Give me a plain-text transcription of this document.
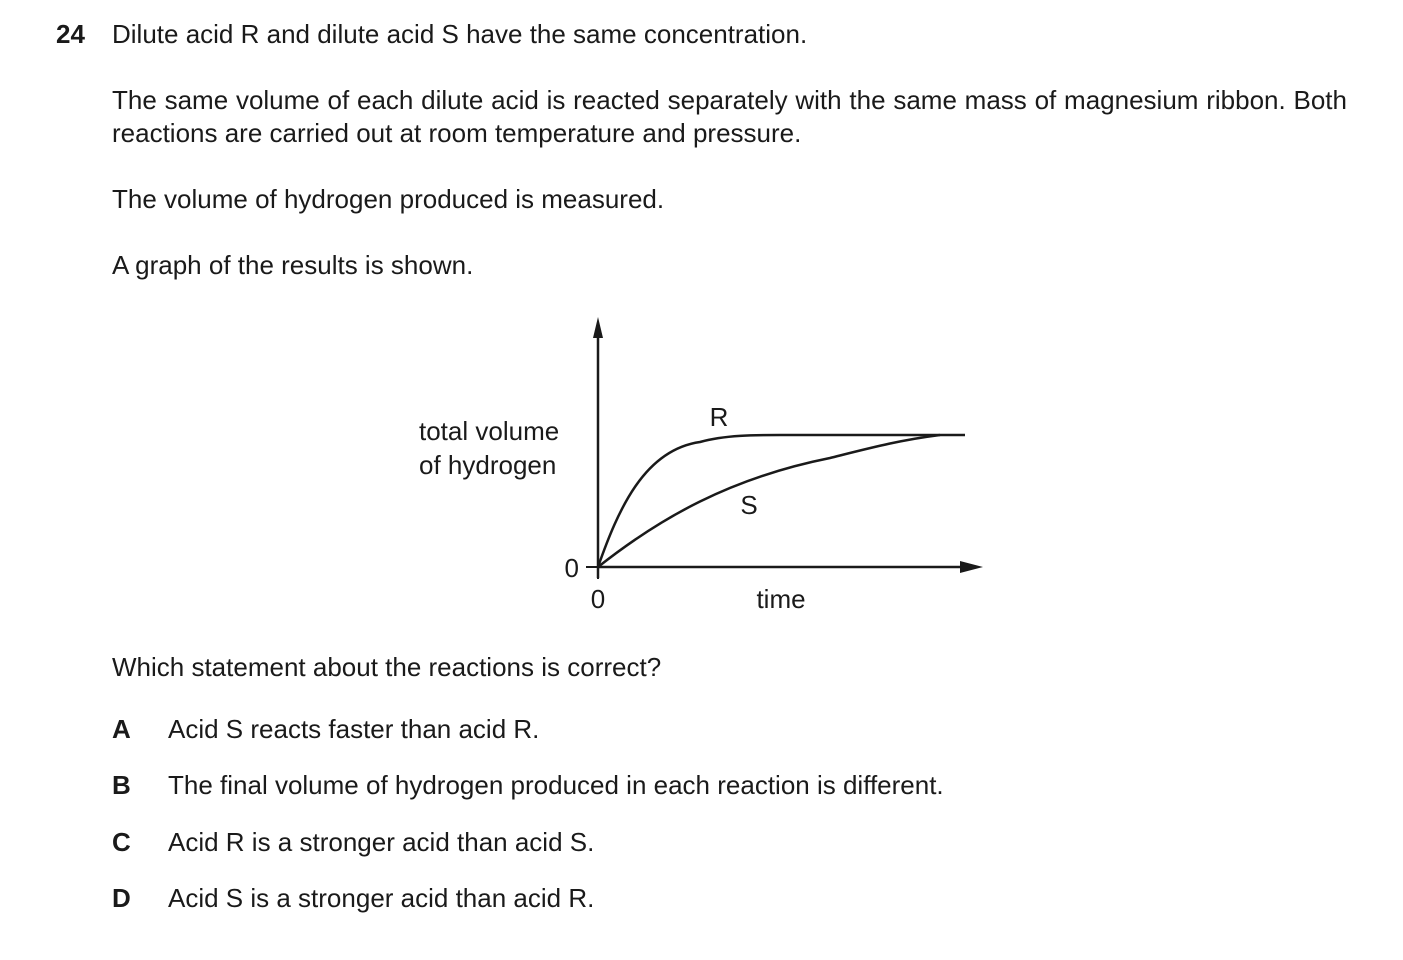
24 Dilute acid R and dilute acid S have the same concentration.

The same volume of each dilute acid is reacted separately with the same mass of magnesium ribbon. Both reactions are carried out at room temperature and pressure.

The volume of hydrogen produced is measured.

A graph of the results is shown.

R
S
total volume
of hydrogen
0
0	time

Which statement about the reactions is correct?

A Acid S reacts faster than acid R.
B The final volume of hydrogen produced in each reaction is different.
C Acid R is a stronger acid than acid S.
D Acid S is a stronger acid than acid R.
